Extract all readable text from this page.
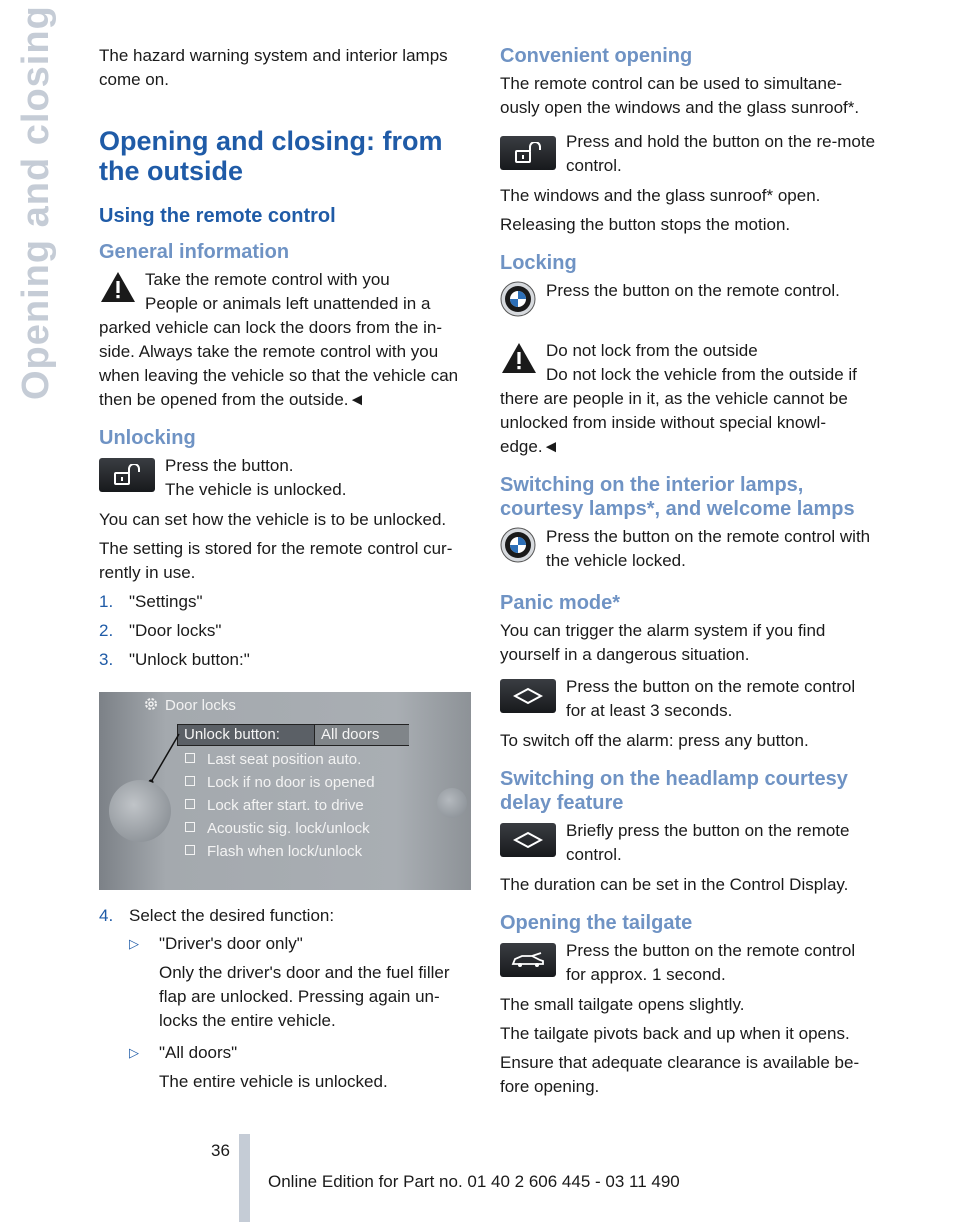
Opening and closing The hazard warning system and interior lamps come on.

Opening and closing: from the outside
Using the remote control
General information
Take the remote control with you
People or animals left unattended in a parked vehicle can lock the doors from the in-side. Always take the remote control with you when leaving the vehicle so that the vehicle can then be opened from the outside.◄
Unlocking
Press the button.
The vehicle is unlocked.

You can set how the vehicle is to be unlocked.

The setting is stored for the remote control cur-rently in use.

1. "Settings"
2. "Door locks"
3. "Unlock button:"
Door locks
Unlock button:	All doors
Last seat position auto.
Lock if no door is opened
Lock after start. to drive
Acoustic sig. lock/unlock
Flash when lock/unlock
4. Select the desired function:
▷ "Driver's door only"
Only the driver's door and the fuel filler flap are unlocked. Pressing again un-locks the entire vehicle.
▷ "All doors"
The entire vehicle is unlocked.
Convenient opening

The remote control can be used to simultane-ously open the windows and the glass sunroof*.

Press and hold the button on the re-mote control.

The windows and the glass sunroof* open.

Releasing the button stops the motion.

Locking
Press the button on the remote control.
Do not lock from the outside
Do not lock the vehicle from the outside if there are people in it, as the vehicle cannot be unlocked from inside without special knowl-edge.◄
Switching on the interior lamps, courtesy lamps*, and welcome lamps
Press the button on the remote control with the vehicle locked.
Panic mode*

You can trigger the alarm system if you find yourself in a dangerous situation.

Press the button on the remote control for at least 3 seconds.

To switch off the alarm: press any button.

Switching on the headlamp courtesy delay feature
Briefly press the button on the remote control.

The duration can be set in the Control Display.

Opening the tailgate
Press the button on the remote control for approx. 1 second.

The small tailgate opens slightly.

The tailgate pivots back and up when it opens.

Ensure that adequate clearance is available be-fore opening.

36
Online Edition for Part no. 01 40 2 606 445 - 03 11 490
